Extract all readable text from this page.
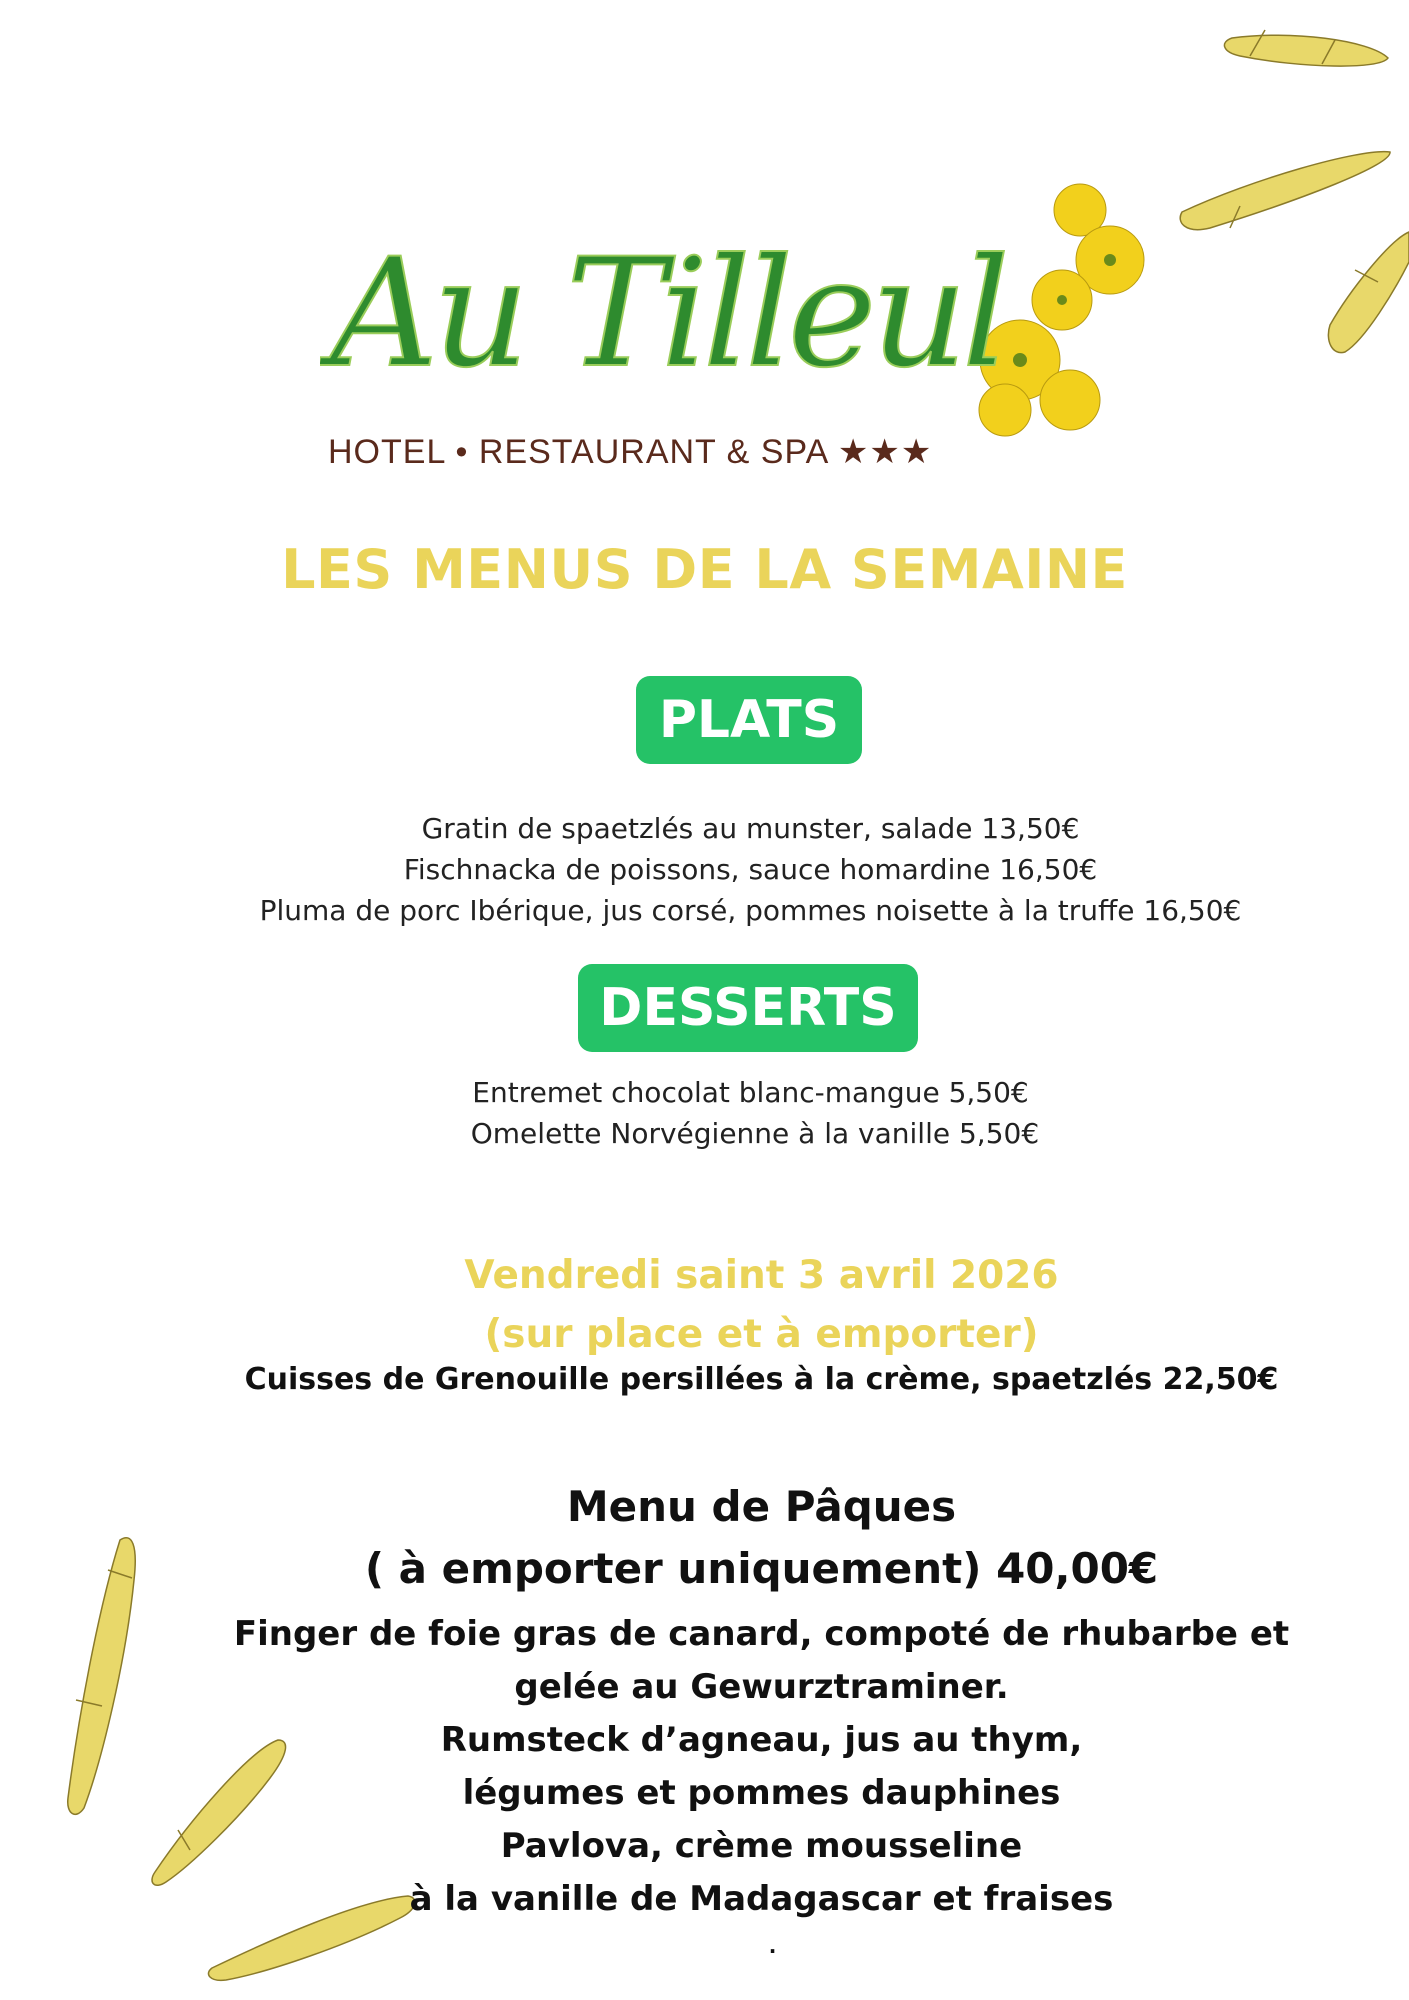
Au Tilleul
HOTEL • RESTAURANT & SPA ★★★
LES MENUS DE LA SEMAINE
PLATS
Gratin de spaetzlés au munster, salade 13,50€
Fischnacka de poissons, sauce homardine 16,50€
Pluma de porc Ibérique, jus corsé, pommes noisette à la truffe 16,50€
DESSERTS
Entremet chocolat blanc-mangue 5,50€
Omelette Norvégienne à la vanille 5,50€
Vendredi saint 3 avril 2026
(sur place et à emporter)
Cuisses de Grenouille persillées à la crème, spaetzlés 22,50€
Menu de Pâques
( à emporter uniquement) 40,00€
Finger de foie gras de canard, compoté de rhubarbe et
gelée au Gewurztraminer.
Rumsteck d’agneau, jus au thym,
légumes et pommes dauphines
Pavlova, crème mousseline
à la vanille de Madagascar et fraises
.
